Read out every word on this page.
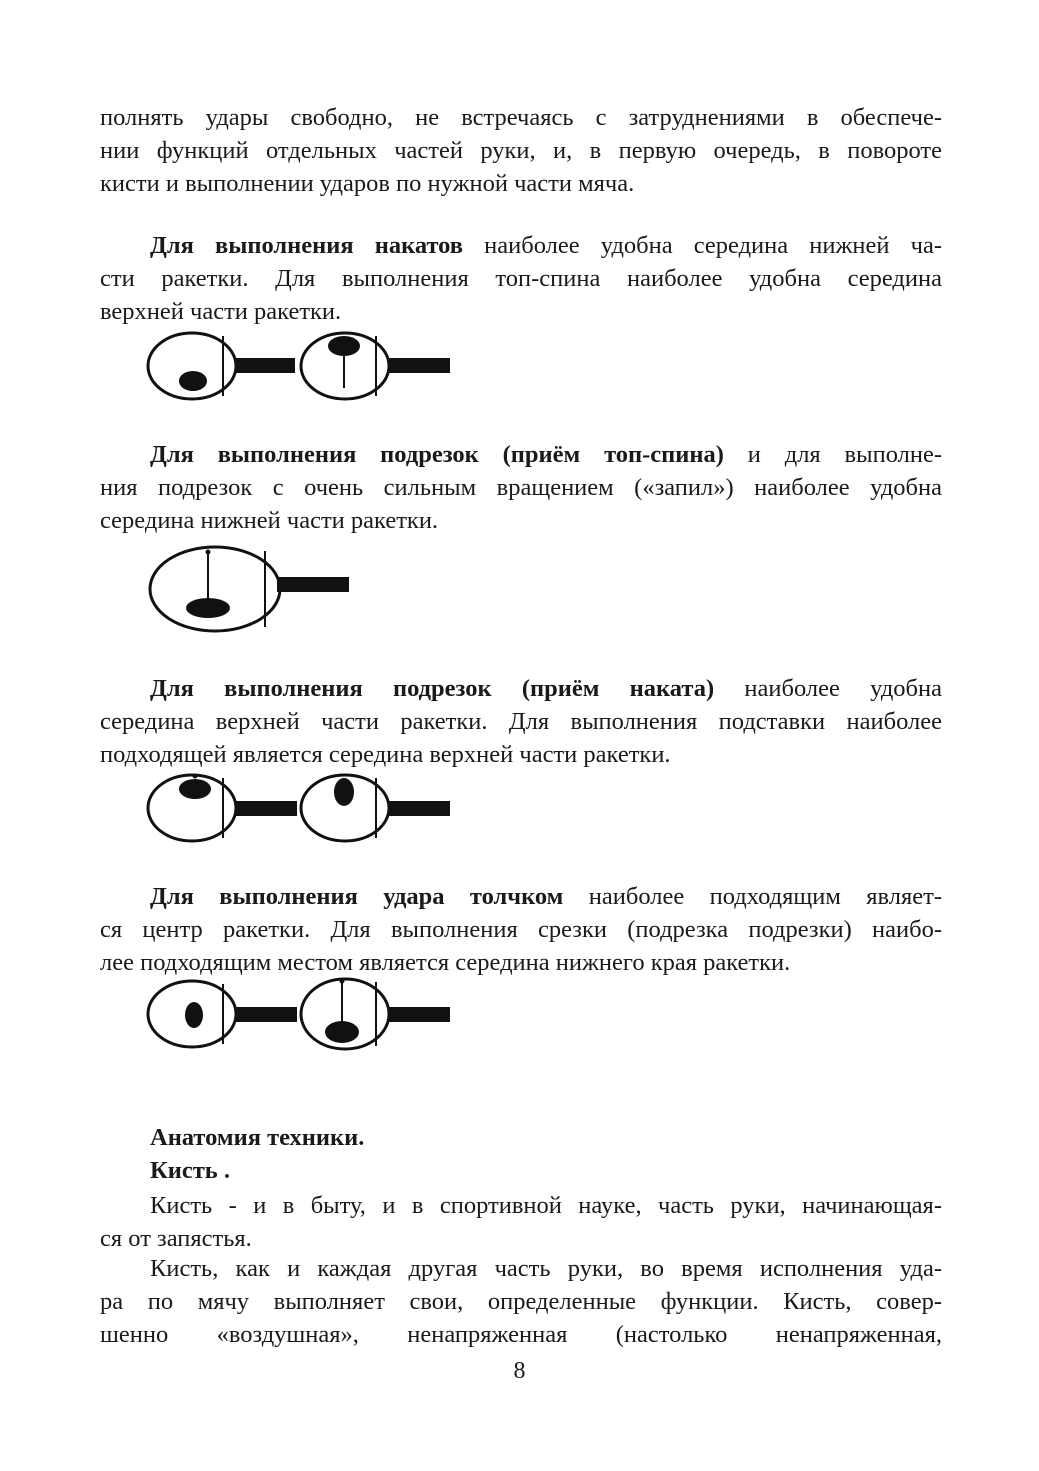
полнять удары свободно, не встречаясь с затруднениями в обеспече-
нии функций отдельных частей руки, и, в первую очередь, в повороте
кисти и выполнении ударов по нужной части мяча.
Для выполнения накатов наиболее удобна середина нижней ча-
сти ракетки. Для выполнения топ-спина наиболее удобна середина
верхней части ракетки.
Для выполнения подрезок (приём топ-спина) и для выполне-
ния подрезок с очень сильным вращением («запил») наиболее удобна
середина нижней части ракетки.
Для выполнения подрезок (приём наката) наиболее удобна
середина верхней части ракетки. Для выполнения подставки наиболее
подходящей является середина верхней части ракетки.
Для выполнения удара толчком наиболее подходящим являет-
ся центр ракетки. Для выполнения срезки (подрезка подрезки) наибо-
лее подходящим местом является середина нижнего края ракетки.
Анатомия техники.
Кисть .
Кисть - и в быту, и в спортивной науке, часть руки, начинающая-
ся от запястья.
Кисть, как и каждая другая часть руки, во время исполнения уда-
ра по мячу выполняет свои, определенные функции. Кисть, совер-
шенно «воздушная», ненапряженная (настолько ненапряженная,
8
